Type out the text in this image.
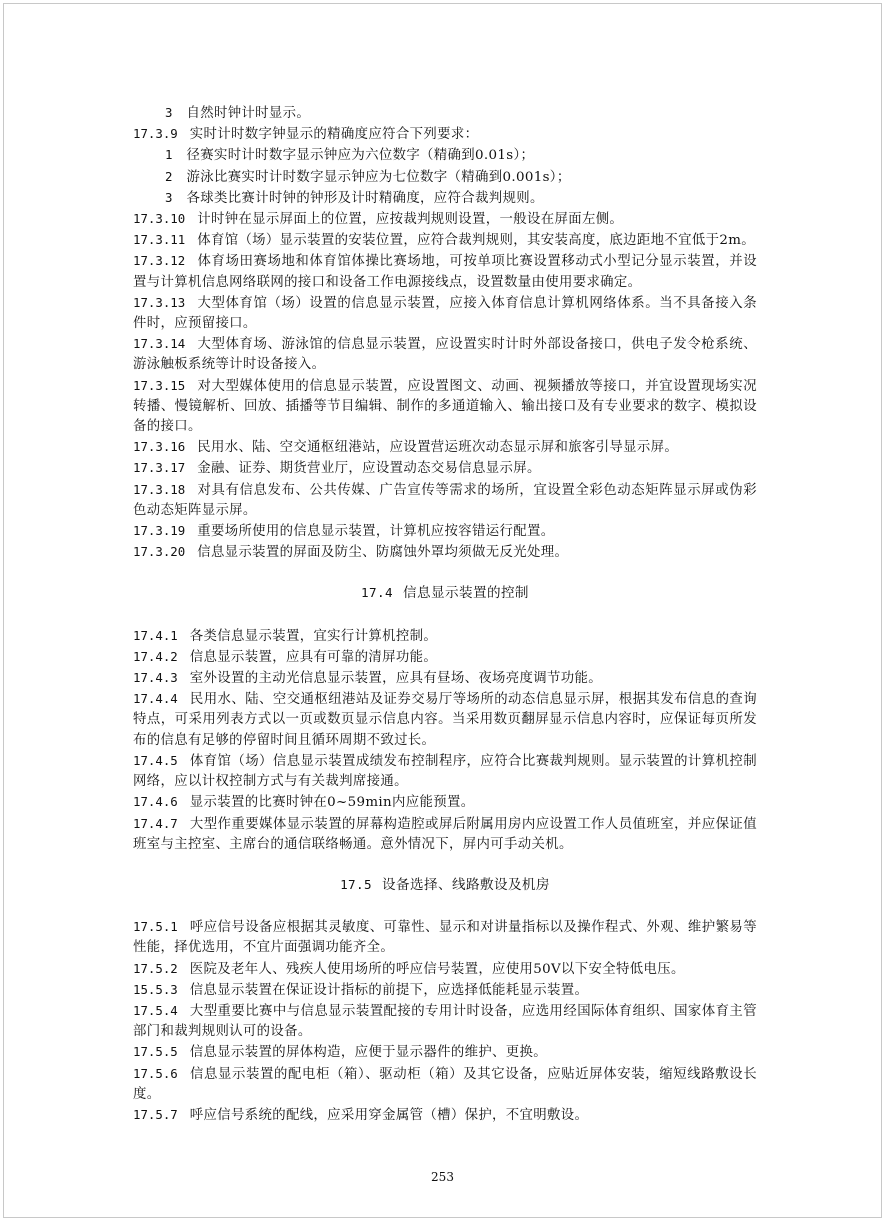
3 自然时钟计时显示。
17.3.9 实时计时数字钟显示的精确度应符合下列要求：
1 径赛实时计时数字显示钟应为六位数字（精确到0.01s）；
2 游泳比赛实时计时数字显示钟应为七位数字（精确到0.001s）；
3 各球类比赛计时钟的钟形及计时精确度，应符合裁判规则。
17.3.10 计时钟在显示屏面上的位置，应按裁判规则设置，一般设在屏面左侧。
17.3.11 体育馆（场）显示装置的安装位置，应符合裁判规则，其安装高度，底边距地不宜低于2m。
17.3.12 体育场田赛场地和体育馆体操比赛场地，可按单项比赛设置移动式小型记分显示装置，并设置与计算机信息网络联网的接口和设备工作电源接线点，设置数量由使用要求确定。
17.3.13 大型体育馆（场）设置的信息显示装置，应接入体育信息计算机网络体系。当不具备接入条件时，应预留接口。
17.3.14 大型体育场、游泳馆的信息显示装置，应设置实时计时外部设备接口，供电子发令枪系统、游泳触板系统等计时设备接入。
17.3.15 对大型媒体使用的信息显示装置，应设置图文、动画、视频播放等接口，并宜设置现场实况转播、慢镜解析、回放、插播等节目编辑、制作的多通道输入、输出接口及有专业要求的数字、模拟设备的接口。
17.3.16 民用水、陆、空交通枢纽港站，应设置营运班次动态显示屏和旅客引导显示屏。
17.3.17 金融、证券、期货营业厅，应设置动态交易信息显示屏。
17.3.18 对具有信息发布、公共传媒、广告宣传等需求的场所，宜设置全彩色动态矩阵显示屏或伪彩色动态矩阵显示屏。
17.3.19 重要场所使用的信息显示装置，计算机应按容错运行配置。
17.3.20 信息显示装置的屏面及防尘、防腐蚀外罩均须做无反光处理。
17.4 信息显示装置的控制
17.4.1 各类信息显示装置，宜实行计算机控制。
17.4.2 信息显示装置，应具有可靠的清屏功能。
17.4.3 室外设置的主动光信息显示装置，应具有昼场、夜场亮度调节功能。
17.4.4 民用水、陆、空交通枢纽港站及证券交易厅等场所的动态信息显示屏，根据其发布信息的查询特点，可采用列表方式以一页或数页显示信息内容。当采用数页翻屏显示信息内容时，应保证每页所发布的信息有足够的停留时间且循环周期不致过长。
17.4.5 体育馆（场）信息显示装置成绩发布控制程序，应符合比赛裁判规则。显示装置的计算机控制网络，应以计权控制方式与有关裁判席接通。
17.4.6 显示装置的比赛时钟在0~59min内应能预置。
17.4.7 大型作重要媒体显示装置的屏幕构造腔或屏后附属用房内应设置工作人员值班室，并应保证值班室与主控室、主席台的通信联络畅通。意外情况下，屏内可手动关机。
17.5 设备选择、线路敷设及机房
17.5.1 呼应信号设备应根据其灵敏度、可靠性、显示和对讲量指标以及操作程式、外观、维护繁易等性能，择优选用，不宜片面强调功能齐全。
17.5.2 医院及老年人、残疾人使用场所的呼应信号装置，应使用50V以下安全特低电压。
15.5.3 信息显示装置在保证设计指标的前提下，应选择低能耗显示装置。
17.5.4 大型重要比赛中与信息显示装置配接的专用计时设备，应选用经国际体育组织、国家体育主管部门和裁判规则认可的设备。
17.5.5 信息显示装置的屏体构造，应便于显示器件的维护、更换。
17.5.6 信息显示装置的配电柜（箱）、驱动柜（箱）及其它设备，应贴近屏体安装，缩短线路敷设长度。
17.5.7 呼应信号系统的配线，应采用穿金属管（槽）保护，不宜明敷设。
253
